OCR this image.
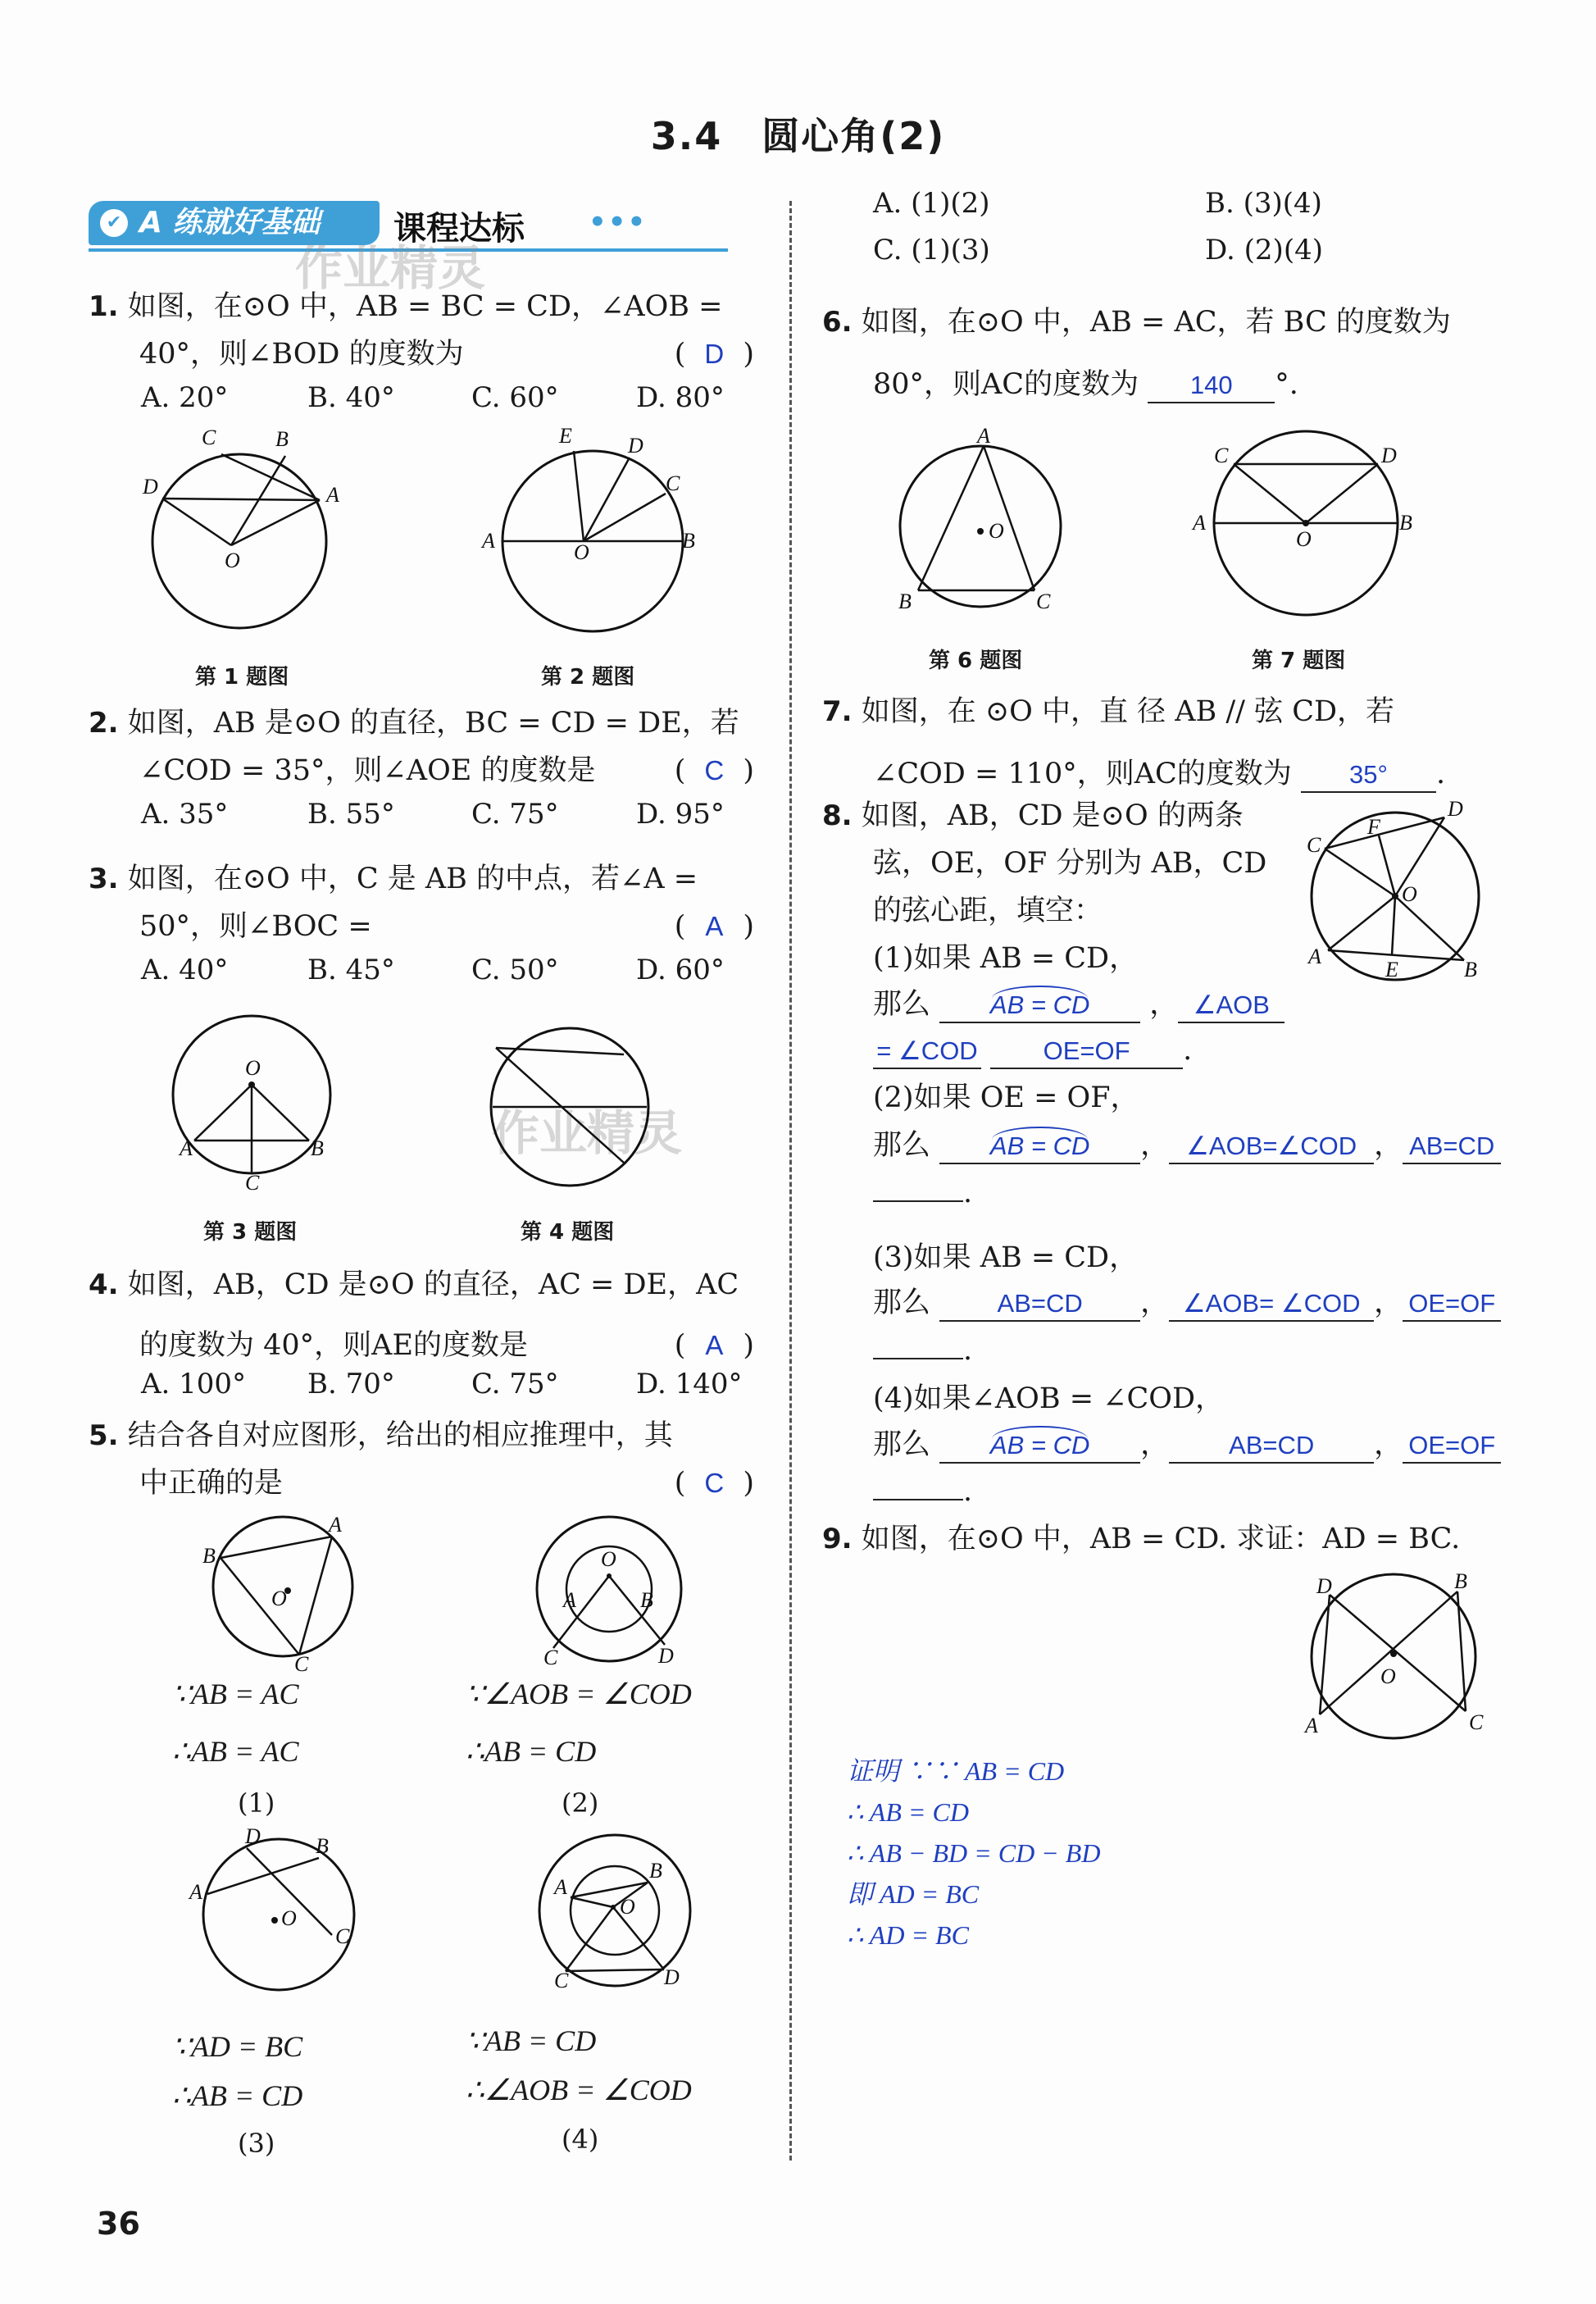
3.4　圆心角(2)
✔ A 练就好基础	课程达标 •••
作业精灵
作业精灵
1. 如图，在⊙O 中，AB = BC = CD，∠AOB =
40°，则∠BOD 的度数为	( D )
A. 20°	B. 40°	C. 60°	D. 80°
C	B
D	A
O
E	D
C
A	B
O
第 1 题图	第 2 题图
2. 如图，AB 是⊙O 的直径，BC = CD = DE，若
∠COD = 35°，则∠AOE 的度数是	( C )
A. 35°	B. 55°	C. 75°	D. 95°
3. 如图，在⊙O 中，C 是 AB 的中点，若∠A =
50°，则∠BOC =	( A )
A. 40°	B. 45°	C. 50°	D. 60°
O
A	B
C
第 3 题图	第 4 题图
4. 如图，AB，CD 是⊙O 的直径，AC = DE，AC
的度数为 40°，则AE的度数是	( A )
A. 100° B. 70°	C. 75°	D. 140°
5. 结合各自对应图形，给出的相应推理中，其
中正确的是	( C )
A
B
O
C
O
A	B
C	D
∵AB = AC
∴AB = AC
(1)
∵∠AOB = ∠COD
∴AB = CD
(2)
D	B
A
C
O
A
B
O
C	D
∵AD = BC
∴AB = CD
(3)
∵AB = CD
∴∠AOB = ∠COD
(4)
36
A. (1)(2)	B. (3)(4)
C. (1)(3)	D. (2)(4)
6. 如图，在⊙O 中，AB = AC，若 BC 的度数为
80°，则AC的度数为 140 °.
A
O
B	C
C	D
A	B
O
第 6 题图	第 7 题图
7. 如图，在 ⊙O 中，直 径 AB // 弦 CD，若
∠COD = 110°，则AC的度数为 35° .
8. 如图，AB，CD 是⊙O 的两条
弦，OE，OF 分别为 AB，CD
的弦心距，填空：
C
D
F
O
A
E	B
(1)如果 AB = CD，
那么 AB = CD ， ∠AOB
= ∠COD	OE=OF .
(2)如果 OE = OF，
那么 AB = CD ， ∠AOB=∠COD ， AB=CD
.
(3)如果 AB = CD，
那么	AB=CD ， ∠AOB= ∠COD ， OE=OF
.
(4)如果∠AOB = ∠COD，
那么 AB = CD ， AB=CD ， OE=OF
.
9. 如图，在⊙O 中，AB = CD. 求证：AD = BC.
D	B
O
A	C
证明 ∵∵ AB = CD
∴ AB = CD
∴ AB − BD = CD − BD
即 AD = BC
∴ AD = BC
